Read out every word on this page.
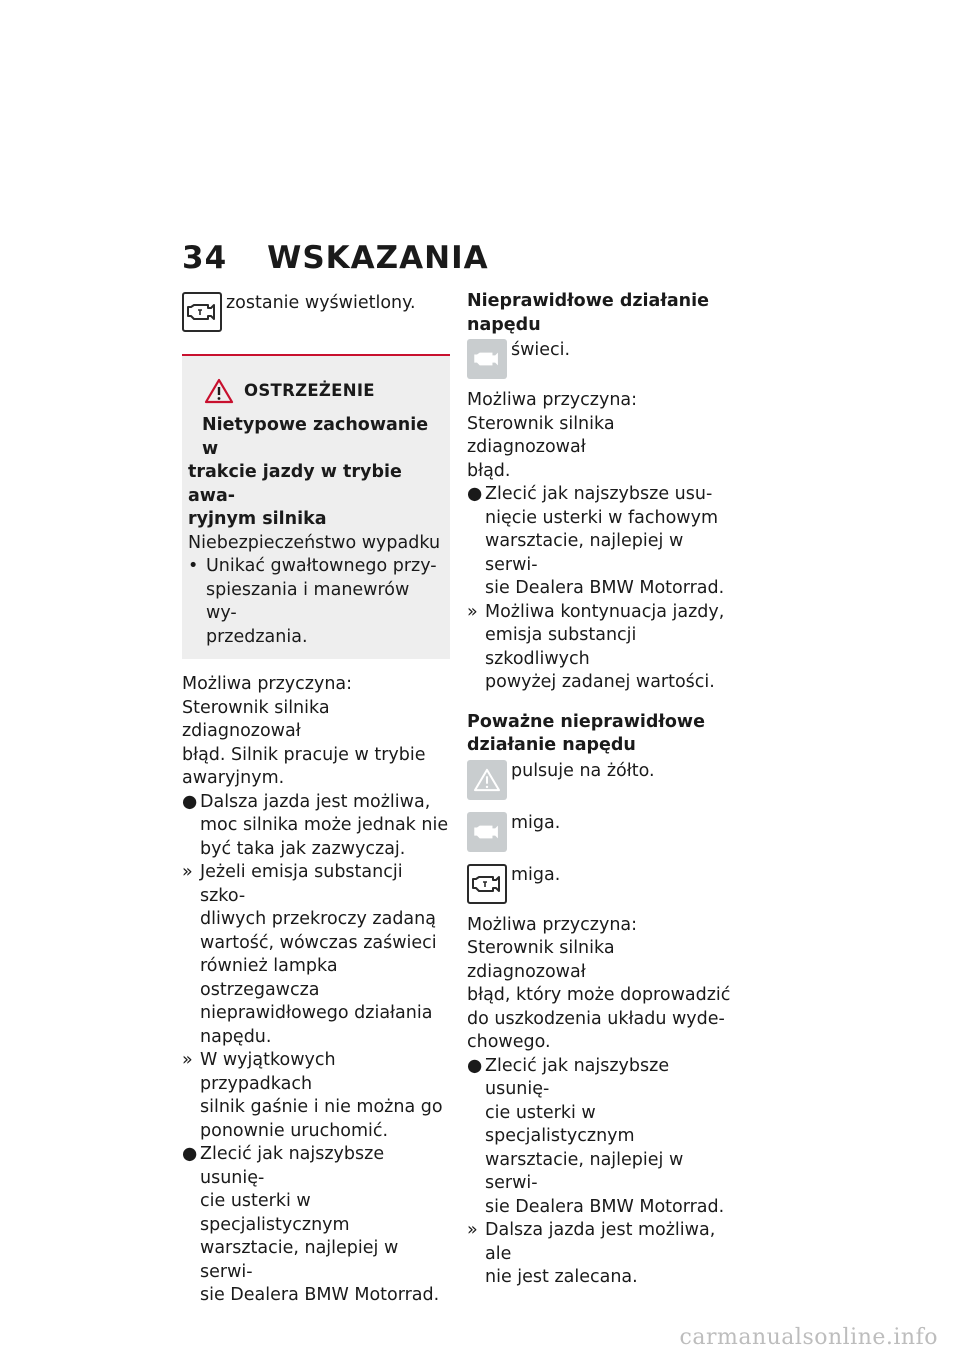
34 WSKAZANIA
zostanie wyświetlony.
OSTRZEŻENIE
Nietypowe zachowanie w
trakcie jazdy w trybie awa-
ryjnym silnika

Niebezpieczeństwo wypadku

• Unikać gwałtownego przy-
spieszania i manewrów wy-
przedzania.

Możliwa przyczyna:

Sterownik silnika zdiagnozował

błąd. Silnik pracuje w trybie

awaryjnym.

● Dalsza jazda jest możliwa,
moc silnika może jednak nie
być taka jak zazwyczaj.
» Jeżeli emisja substancji szko-
dliwych przekroczy zadaną
wartość, wówczas zaświeci
również lampka ostrzegawcza
nieprawidłowego działania
napędu.
» W wyjątkowych przypadkach
silnik gaśnie i nie można go
ponownie uruchomić.
● Zlecić jak najszybsze usunię-
cie usterki w specjalistycznym
warsztacie, najlepiej w serwi-
sie Dealera BMW Motorrad.
Nieprawidłowe działanie
napędu
świeci.

Możliwa przyczyna:

Sterownik silnika zdiagnozował

błąd.

● Zlecić jak najszybsze usu-
nięcie usterki w fachowym
warsztacie, najlepiej w serwi-
sie Dealera BMW Motorrad.
» Możliwa kontynuacja jazdy,
emisja substancji szkodliwych
powyżej zadanej wartości.
Poważne nieprawidłowe
działanie napędu
pulsuje na żółto.
miga.
miga.

Możliwa przyczyna:

Sterownik silnika zdiagnozował

błąd, który może doprowadzić

do uszkodzenia układu wyde-

chowego.

● Zlecić jak najszybsze usunię-
cie usterki w specjalistycznym
warsztacie, najlepiej w serwi-
sie Dealera BMW Motorrad.
» Dalsza jazda jest możliwa, ale
nie jest zalecana.
carmanualsonline.info
